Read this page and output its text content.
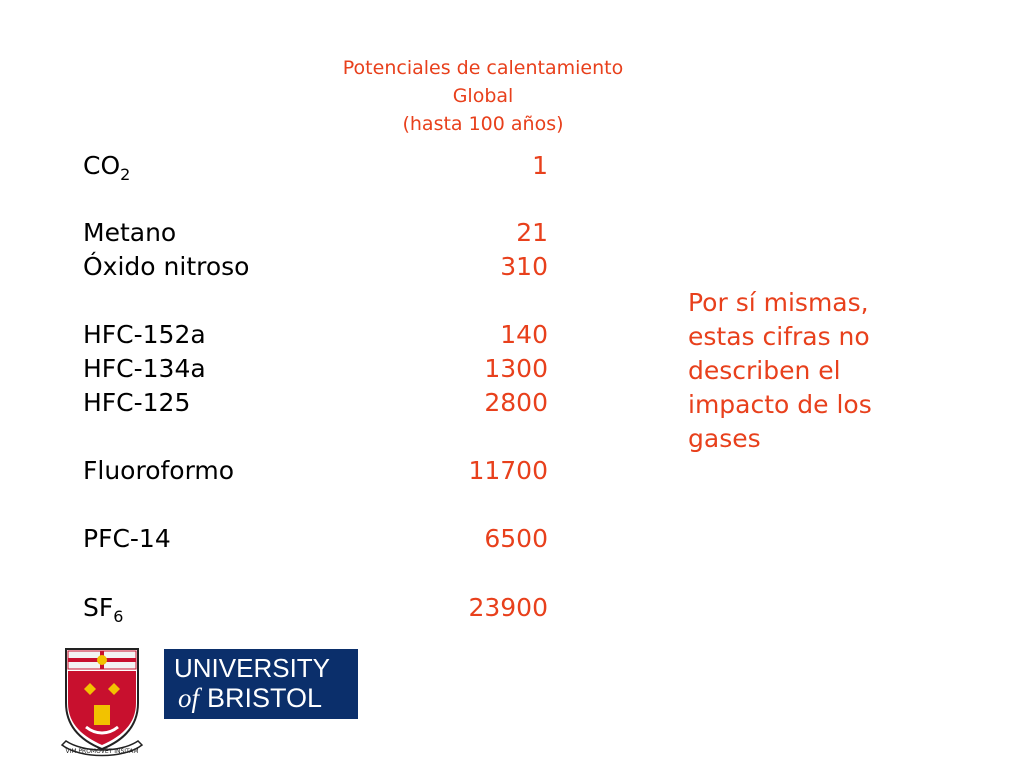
Potenciales de calentamiento
Global
(hasta 100 años)
$CO_2$	1
Metano	21
Óxido nitroso	310
HFC-152a	140
HFC-134a	1300
HFC-125	2800
Fluoroformo	11700
PFC-14	6500
$SF_6$	23900
Por sí mismas, estas cifras no describen el impacto de los gases
VIM PROMOVET INSITAM
UNIVERSITY
of BRISTOL
